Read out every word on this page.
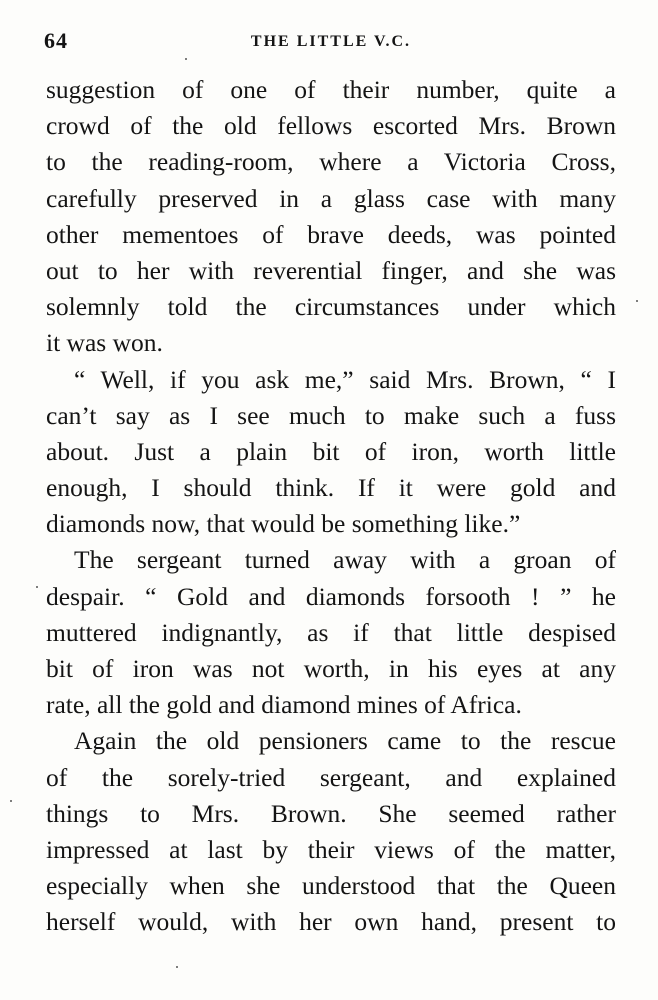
64	THE LITTLE V.C.
suggestion of one of their number, quite a
crowd of the old fellows escorted Mrs. Brown
to the reading-room, where a Victoria Cross,
carefully preserved in a glass case with many
other mementoes of brave deeds, was pointed
out to her with reverential finger, and she was
solemnly told the circumstances under which
it was won.
“ Well, if you ask me,” said Mrs. Brown, “ I
can’t say as I see much to make such a fuss
about. Just a plain bit of iron, worth little
enough, I should think. If it were gold and
diamonds now, that would be something like.”
The sergeant turned away with a groan of
despair. “ Gold and diamonds forsooth ! ” he
muttered indignantly, as if that little despised
bit of iron was not worth, in his eyes at any
rate, all the gold and diamond mines of Africa.
Again the old pensioners came to the rescue
of the sorely-tried sergeant, and explained
things to Mrs. Brown. She seemed rather
impressed at last by their views of the matter,
especially when she understood that the Queen
herself would, with her own hand, present to
